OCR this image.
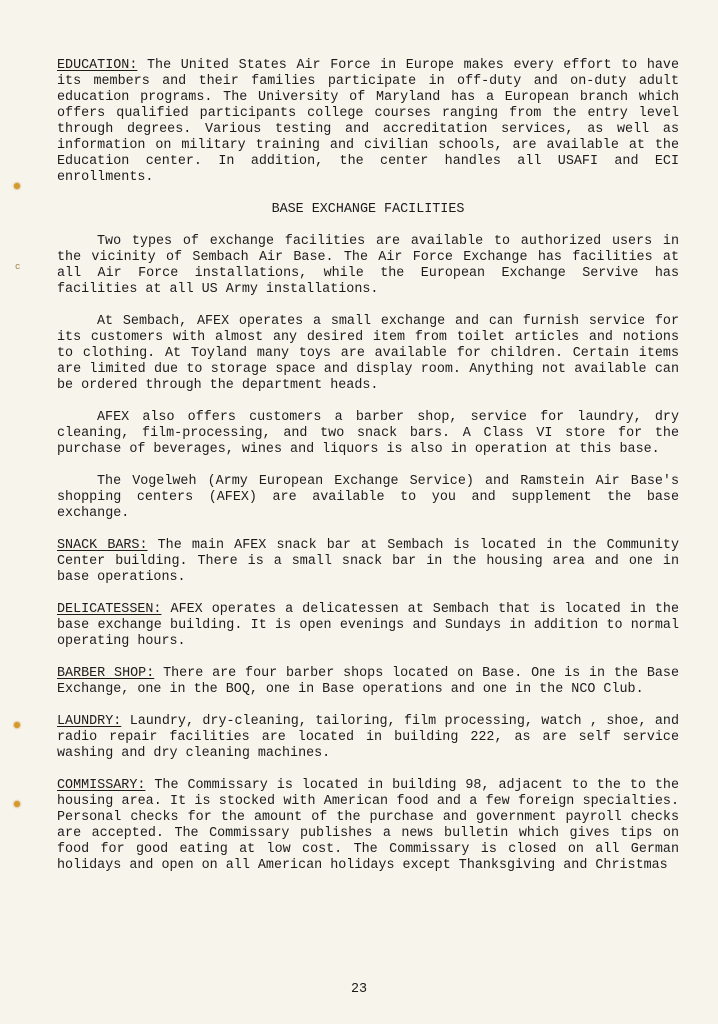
c

EDUCATION: The United States Air Force in Europe makes every effort to have its members and their families participate in off-duty and on-duty adult education programs. The University of Maryland has a European branch which offers qualified participants college courses ranging from the entry level through degrees. Various testing and accreditation services, as well as information on military training and civilian schools, are available at the Education center. In addition, the center handles all USAFI and ECI enrollments.

BASE EXCHANGE FACILITIES

Two types of exchange facilities are available to authorized users in the vicinity of Sembach Air Base. The Air Force Exchange has facilities at all Air Force installations, while the European Exchange Servive has facilities at all US Army installations.

At Sembach, AFEX operates a small exchange and can furnish service for its customers with almost any desired item from toilet articles and notions to clothing. At Toyland many toys are available for children. Certain items are limited due to storage space and display room. Anything not available can be ordered through the department heads.

AFEX also offers customers a barber shop, service for laundry, dry cleaning, film-processing, and two snack bars. A Class VI store for the purchase of beverages, wines and liquors is also in operation at this base.

The Vogelweh (Army European Exchange Service) and Ramstein Air Base's shopping centers (AFEX) are available to you and supplement the base exchange.

SNACK BARS: The main AFEX snack bar at Sembach is located in the Community Center building. There is a small snack bar in the housing area and one in base operations.

DELICATESSEN: AFEX operates a delicatessen at Sembach that is located in the base exchange building. It is open evenings and Sundays in addition to normal operating hours.

BARBER SHOP: There are four barber shops located on Base. One is in the Base Exchange, one in the BOQ, one in Base operations and one in the NCO Club.

LAUNDRY: Laundry, dry-cleaning, tailoring, film processing, watch , shoe, and radio repair facilities are located in building 222, as are self service washing and dry cleaning machines.

COMMISSARY: The Commissary is located in building 98, adjacent to the to the housing area. It is stocked with American food and a few foreign specialties. Personal checks for the amount of the purchase and government payroll checks are accepted. The Commissary publishes a news bulletin which gives tips on food for good eating at low cost. The Commissary is closed on all German holidays and open on all American holidays except Thanksgiving and Christmas

23
